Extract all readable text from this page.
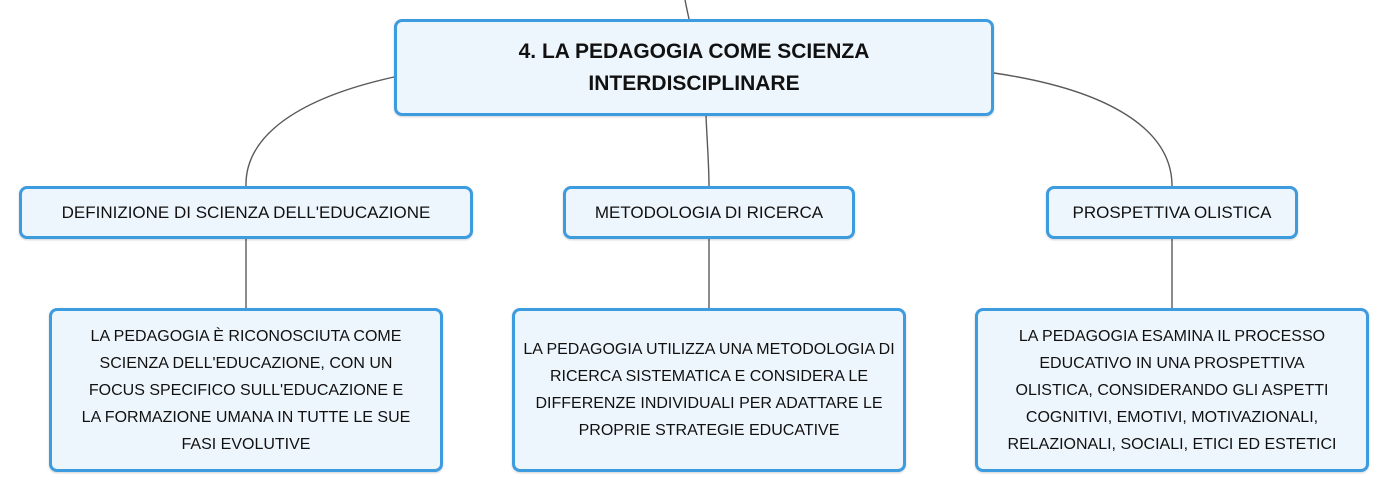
4. LA PEDAGOGIA COME SCIENZA INTERDISCIPLINARE
DEFINIZIONE DI SCIENZA DELL'EDUCAZIONE	METODOLOGIA DI RICERCA	PROSPETTIVA OLISTICA
LA PEDAGOGIA È RICONOSCIUTA COME SCIENZA DELL'EDUCAZIONE, CON UN FOCUS SPECIFICO SULL'EDUCAZIONE E LA FORMAZIONE UMANA IN TUTTE LE SUE FASI EVOLUTIVE
LA PEDAGOGIA UTILIZZA UNA METODOLOGIA DI RICERCA SISTEMATICA E CONSIDERA LE DIFFERENZE INDIVIDUALI PER ADATTARE LE PROPRIE STRATEGIE EDUCATIVE
LA PEDAGOGIA ESAMINA IL PROCESSO EDUCATIVO IN UNA PROSPETTIVA OLISTICA, CONSIDERANDO GLI ASPETTI COGNITIVI, EMOTIVI, MOTIVAZIONALI, RELAZIONALI, SOCIALI, ETICI ED ESTETICI
